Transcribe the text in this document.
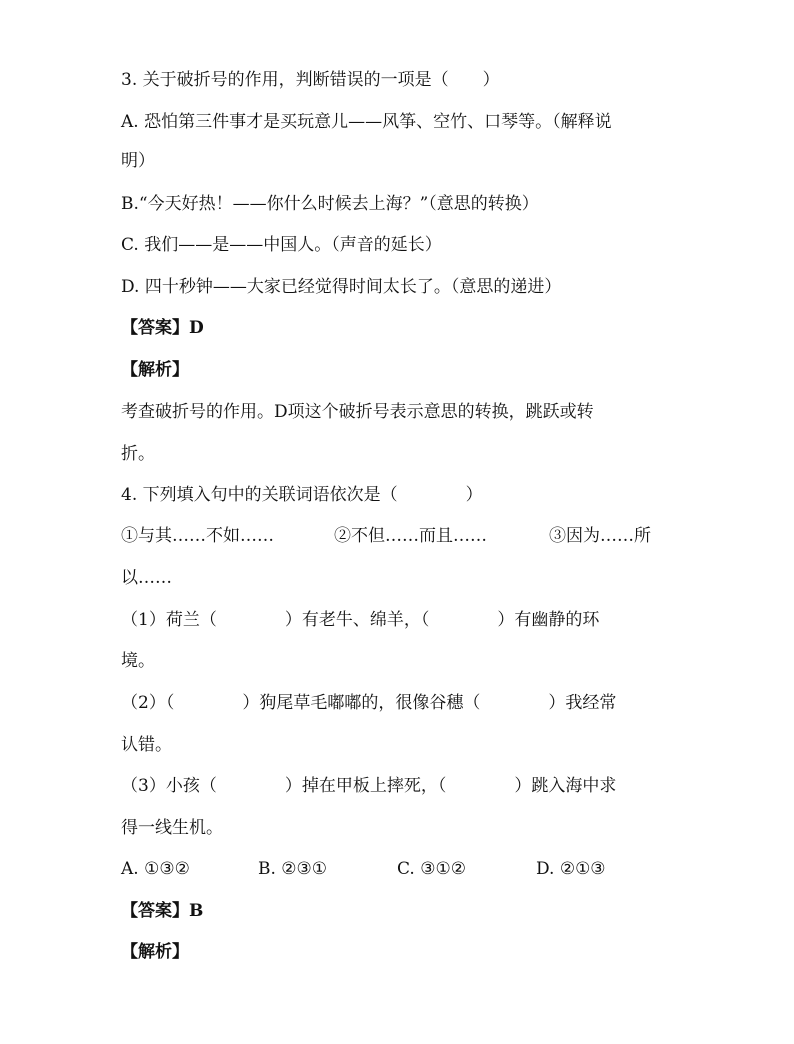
3. 关于破折号的作用，判断错误的一项是（　　）
A. 恐怕第三件事才是买玩意儿——风筝、空竹、口琴等。（解释说
明）
B.“今天好热！——你什么时候去上海？”（意思的转换）
C. 我们——是——中国人。（声音的延长）
D. 四十秒钟——大家已经觉得时间太长了。（意思的递进）
【答案】D
【解析】
考查破折号的作用。D项这个破折号表示意思的转换，跳跃或转
折。
4. 下列填入句中的关联词语依次是（　　　　）
①与其……不如……	②不但……而且……	③因为……所
以……
（1）荷兰（　　　　）有老牛、绵羊，（　　　　）有幽静的环
境。
（2）（　　　　）狗尾草毛嘟嘟的，很像谷穗（　　　　）我经常
认错。
（3）小孩（　　　　）掉在甲板上摔死，（　　　　）跳入海中求
得一线生机。
A. ①③②	B. ②③①	C. ③①②	D. ②①③
【答案】B
【解析】
